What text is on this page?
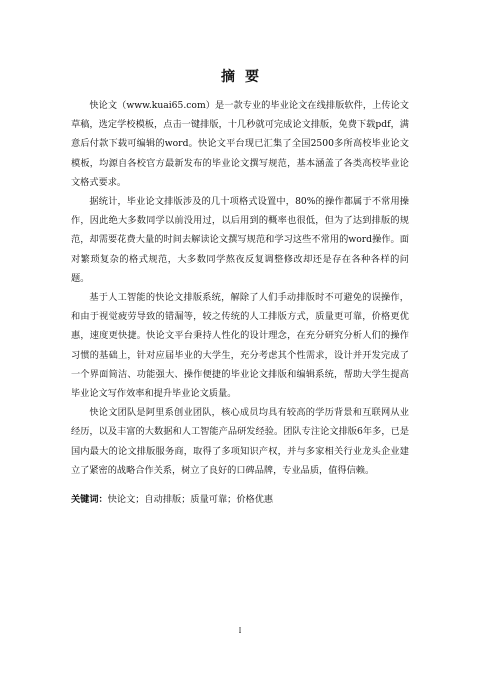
摘要

快论文（www.kuai65.com）是一款专业的毕业论文在线排版软件，上传论文草稿，选定学校模板，点击一键排版，十几秒就可完成论文排版，免费下载pdf，满意后付款下载可编辑的word。快论文平台现已汇集了全国2500多所高校毕业论文模板，均源自各校官方最新发布的毕业论文撰写规范，基本涵盖了各类高校毕业论文格式要求。

据统计，毕业论文排版涉及的几十项格式设置中，80%的操作都属于不常用操作，因此绝大多数同学以前没用过，以后用到的概率也很低，但为了达到排版的规范，却需要花费大量的时间去解读论文撰写规范和学习这些不常用的word操作。面对繁琐复杂的格式规范，大多数同学熬夜反复调整修改却还是存在各种各样的问题。

基于人工智能的快论文排版系统，解除了人们手动排版时不可避免的误操作，和由于视觉疲劳导致的错漏等，较之传统的人工排版方式，质量更可靠，价格更优惠，速度更快捷。快论文平台秉持人性化的设计理念，在充分研究分析人们的操作习惯的基础上，针对应届毕业的大学生，充分考虑其个性需求，设计并开发完成了一个界面简洁、功能强大、操作便捷的毕业论文排版和编辑系统，帮助大学生提高毕业论文写作效率和提升毕业论文质量。

快论文团队是阿里系创业团队，核心成员均具有较高的学历背景和互联网从业经历，以及丰富的大数据和人工智能产品研发经验。团队专注论文排版6年多，已是国内最大的论文排版服务商，取得了多项知识产权，并与多家相关行业龙头企业建立了紧密的战略合作关系，树立了良好的口碑品牌，专业品质，值得信赖。

关键词：快论文；自动排版；质量可靠；价格优惠

I
